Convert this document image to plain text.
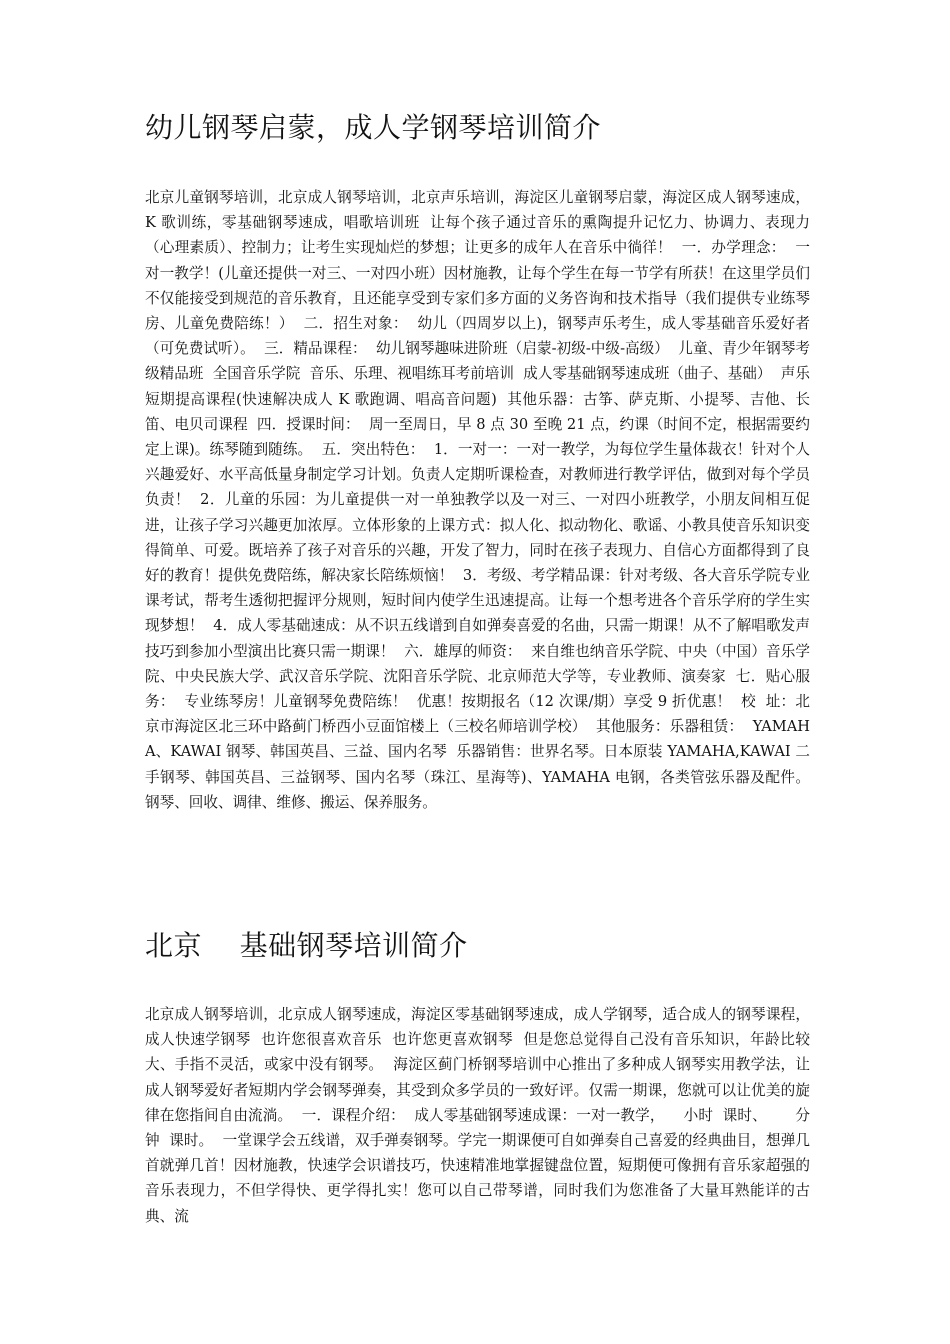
幼儿钢琴启蒙，成人学钢琴培训简介

北京儿童钢琴培训，北京成人钢琴培训，北京声乐培训，海淀区儿童钢琴启蒙，海淀区成人钢琴速成，K 歌训练，零基础钢琴速成，唱歌培训班  让每个孩子通过音乐的熏陶提升记忆力、协调力、表现力（心理素质）、控制力；让考生实现灿烂的梦想；让更多的成年人在音乐中徜徉！  一．办学理念：  一对一教学！(儿童还提供一对三、一对四小班）因材施教，让每个学生在每一节学有所获！在这里学员们不仅能接受到规范的音乐教育，且还能享受到专家们多方面的义务咨询和技术指导（我们提供专业练琴房、儿童免费陪练！）  二．招生对象：  幼儿（四周岁以上)，钢琴声乐考生，成人零基础音乐爱好者（可免费试听）。  三．精品课程：  幼儿钢琴趣味进阶班（启蒙-初级-中级-高级）  儿童、青少年钢琴考级精品班  全国音乐学院  音乐、乐理、视唱练耳考前培训  成人零基础钢琴速成班（曲子、基础）  声乐短期提高课程(快速解决成人 K 歌跑调、唱高音问题)  其他乐器：古筝、萨克斯、小提琴、吉他、长笛、电贝司课程  四．授课时间：  周一至周日，早 8 点 30 至晚 21 点，约课（时间不定，根据需要约定上课)。练琴随到随练。  五．突出特色：  1．一对一：一对一教学，为每位学生量体裁衣！针对个人兴趣爱好、水平高低量身制定学习计划。负责人定期听课检查，对教师进行教学评估，做到对每个学员负责！  2．儿童的乐园：为儿童提供一对一单独教学以及一对三、一对四小班教学，小朋友间相互促进，让孩子学习兴趣更加浓厚。立体形象的上课方式：拟人化、拟动物化、歌谣、小教具使音乐知识变得简单、可爱。既培养了孩子对音乐的兴趣，开发了智力，同时在孩子表现力、自信心方面都得到了良好的教育！提供免费陪练，解决家长陪练烦恼！  3．考级、考学精品课：针对考级、各大音乐学院专业课考试，帮考生透彻把握评分规则，短时间内使学生迅速提高。让每一个想考进各个音乐学府的学生实现梦想！  4．成人零基础速成：从不识五线谱到自如弹奏喜爱的名曲，只需一期课！从不了解唱歌发声技巧到参加小型演出比赛只需一期课！  六．雄厚的师资：  来自维也纳音乐学院、中央（中国）音乐学院、中央民族大学、武汉音乐学院、沈阳音乐学院、北京师范大学等，专业教师、演奏家  七．贴心服务：  专业练琴房！儿童钢琴免费陪练！  优惠！按期报名（12 次课/期）享受 9 折优惠！  校  址：北京市海淀区北三环中路蓟门桥西小豆面馆楼上（三校名师培训学校）  其他服务：乐器租赁：  YAMAHA、KAWAI 钢琴、韩国英昌、三益、国内名琴  乐器销售：世界名琴。日本原装 YAMAHA,KAWAI 二手钢琴、韩国英昌、三益钢琴、国内名琴（珠江、星海等)、YAMAHA 电钢，各类管弦乐器及配件。  钢琴、回收、调律、维修、搬运、保养服务。

北京    基础钢琴培训简介

北京成人钢琴培训，北京成人钢琴速成，海淀区零基础钢琴速成，成人学钢琴，适合成人的钢琴课程，成人快速学钢琴  也许您很喜欢音乐  也许您更喜欢钢琴  但是您总觉得自己没有音乐知识，年龄比较大、手指不灵活，或家中没有钢琴。  海淀区蓟门桥钢琴培训中心推出了多种成人钢琴实用教学法，让成人钢琴爱好者短期内学会钢琴弹奏，其受到众多学员的一致好评。仅需一期课，您就可以让优美的旋律在您指间自由流淌。  一．课程介绍：  成人零基础钢琴速成课：一对一教学，    小时  课时、      分钟  课时。  一堂课学会五线谱，双手弹奏钢琴。学完一期课便可自如弹奏自己喜爱的经典曲目，想弹几首就弹几首！因材施教，快速学会识谱技巧，快速精准地掌握键盘位置，短期便可像拥有音乐家超强的音乐表现力，不但学得快、更学得扎实！您可以自己带琴谱，同时我们为您准备了大量耳熟能详的古典、流
